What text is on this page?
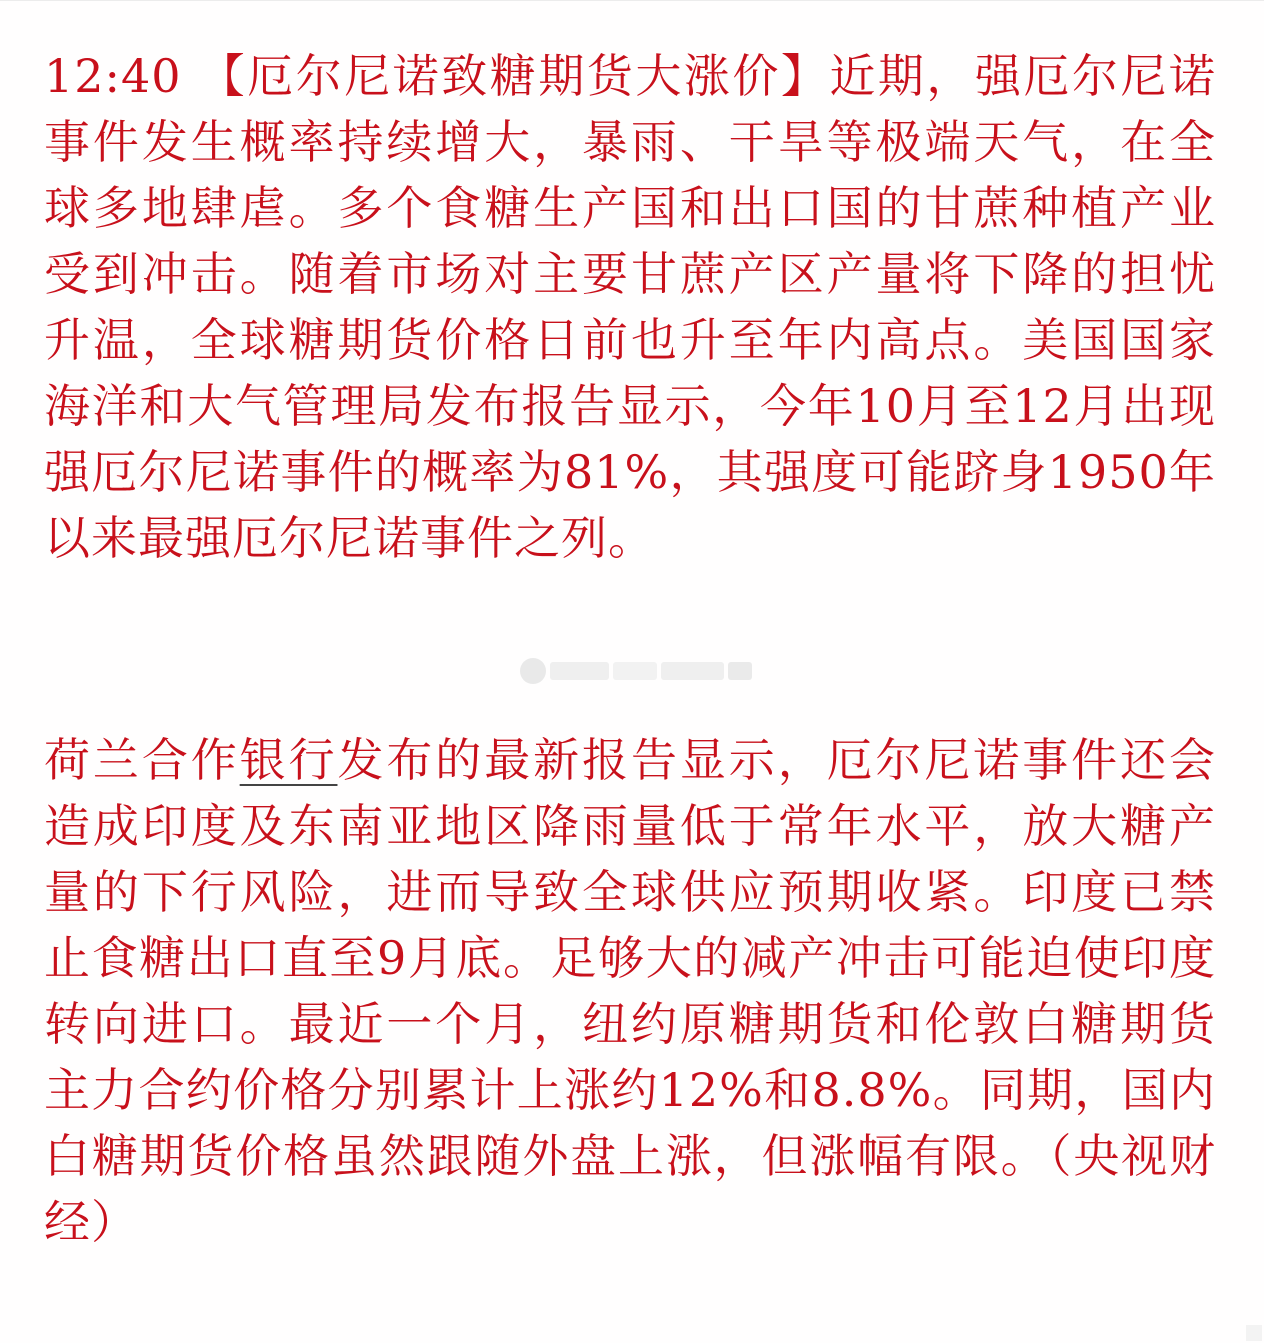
12:40 【厄尔尼诺致糖期货大涨价】近期，强厄尔尼诺事件发生概率持续增大，暴雨、干旱等极端天气，在全球多地肆虐。多个食糖生产国和出口国的甘蔗种植产业受到冲击。随着市场对主要甘蔗产区产量将下降的担忧升温，全球糖期货价格日前也升至年内高点。美国国家海洋和大气管理局发布报告显示，今年10月至12月出现强厄尔尼诺事件的概率为81%，其强度可能跻身1950年以来最强厄尔尼诺事件之列。

荷兰合作银行发布的最新报告显示，厄尔尼诺事件还会造成印度及东南亚地区降雨量低于常年水平，放大糖产量的下行风险，进而导致全球供应预期收紧。印度已禁止食糖出口直至9月底。足够大的减产冲击可能迫使印度转向进口。最近一个月，纽约原糖期货和伦敦白糖期货主力合约价格分别累计上涨约12%和8.8%。同期，国内白糖期货价格虽然跟随外盘上涨，但涨幅有限。（央视财经）
